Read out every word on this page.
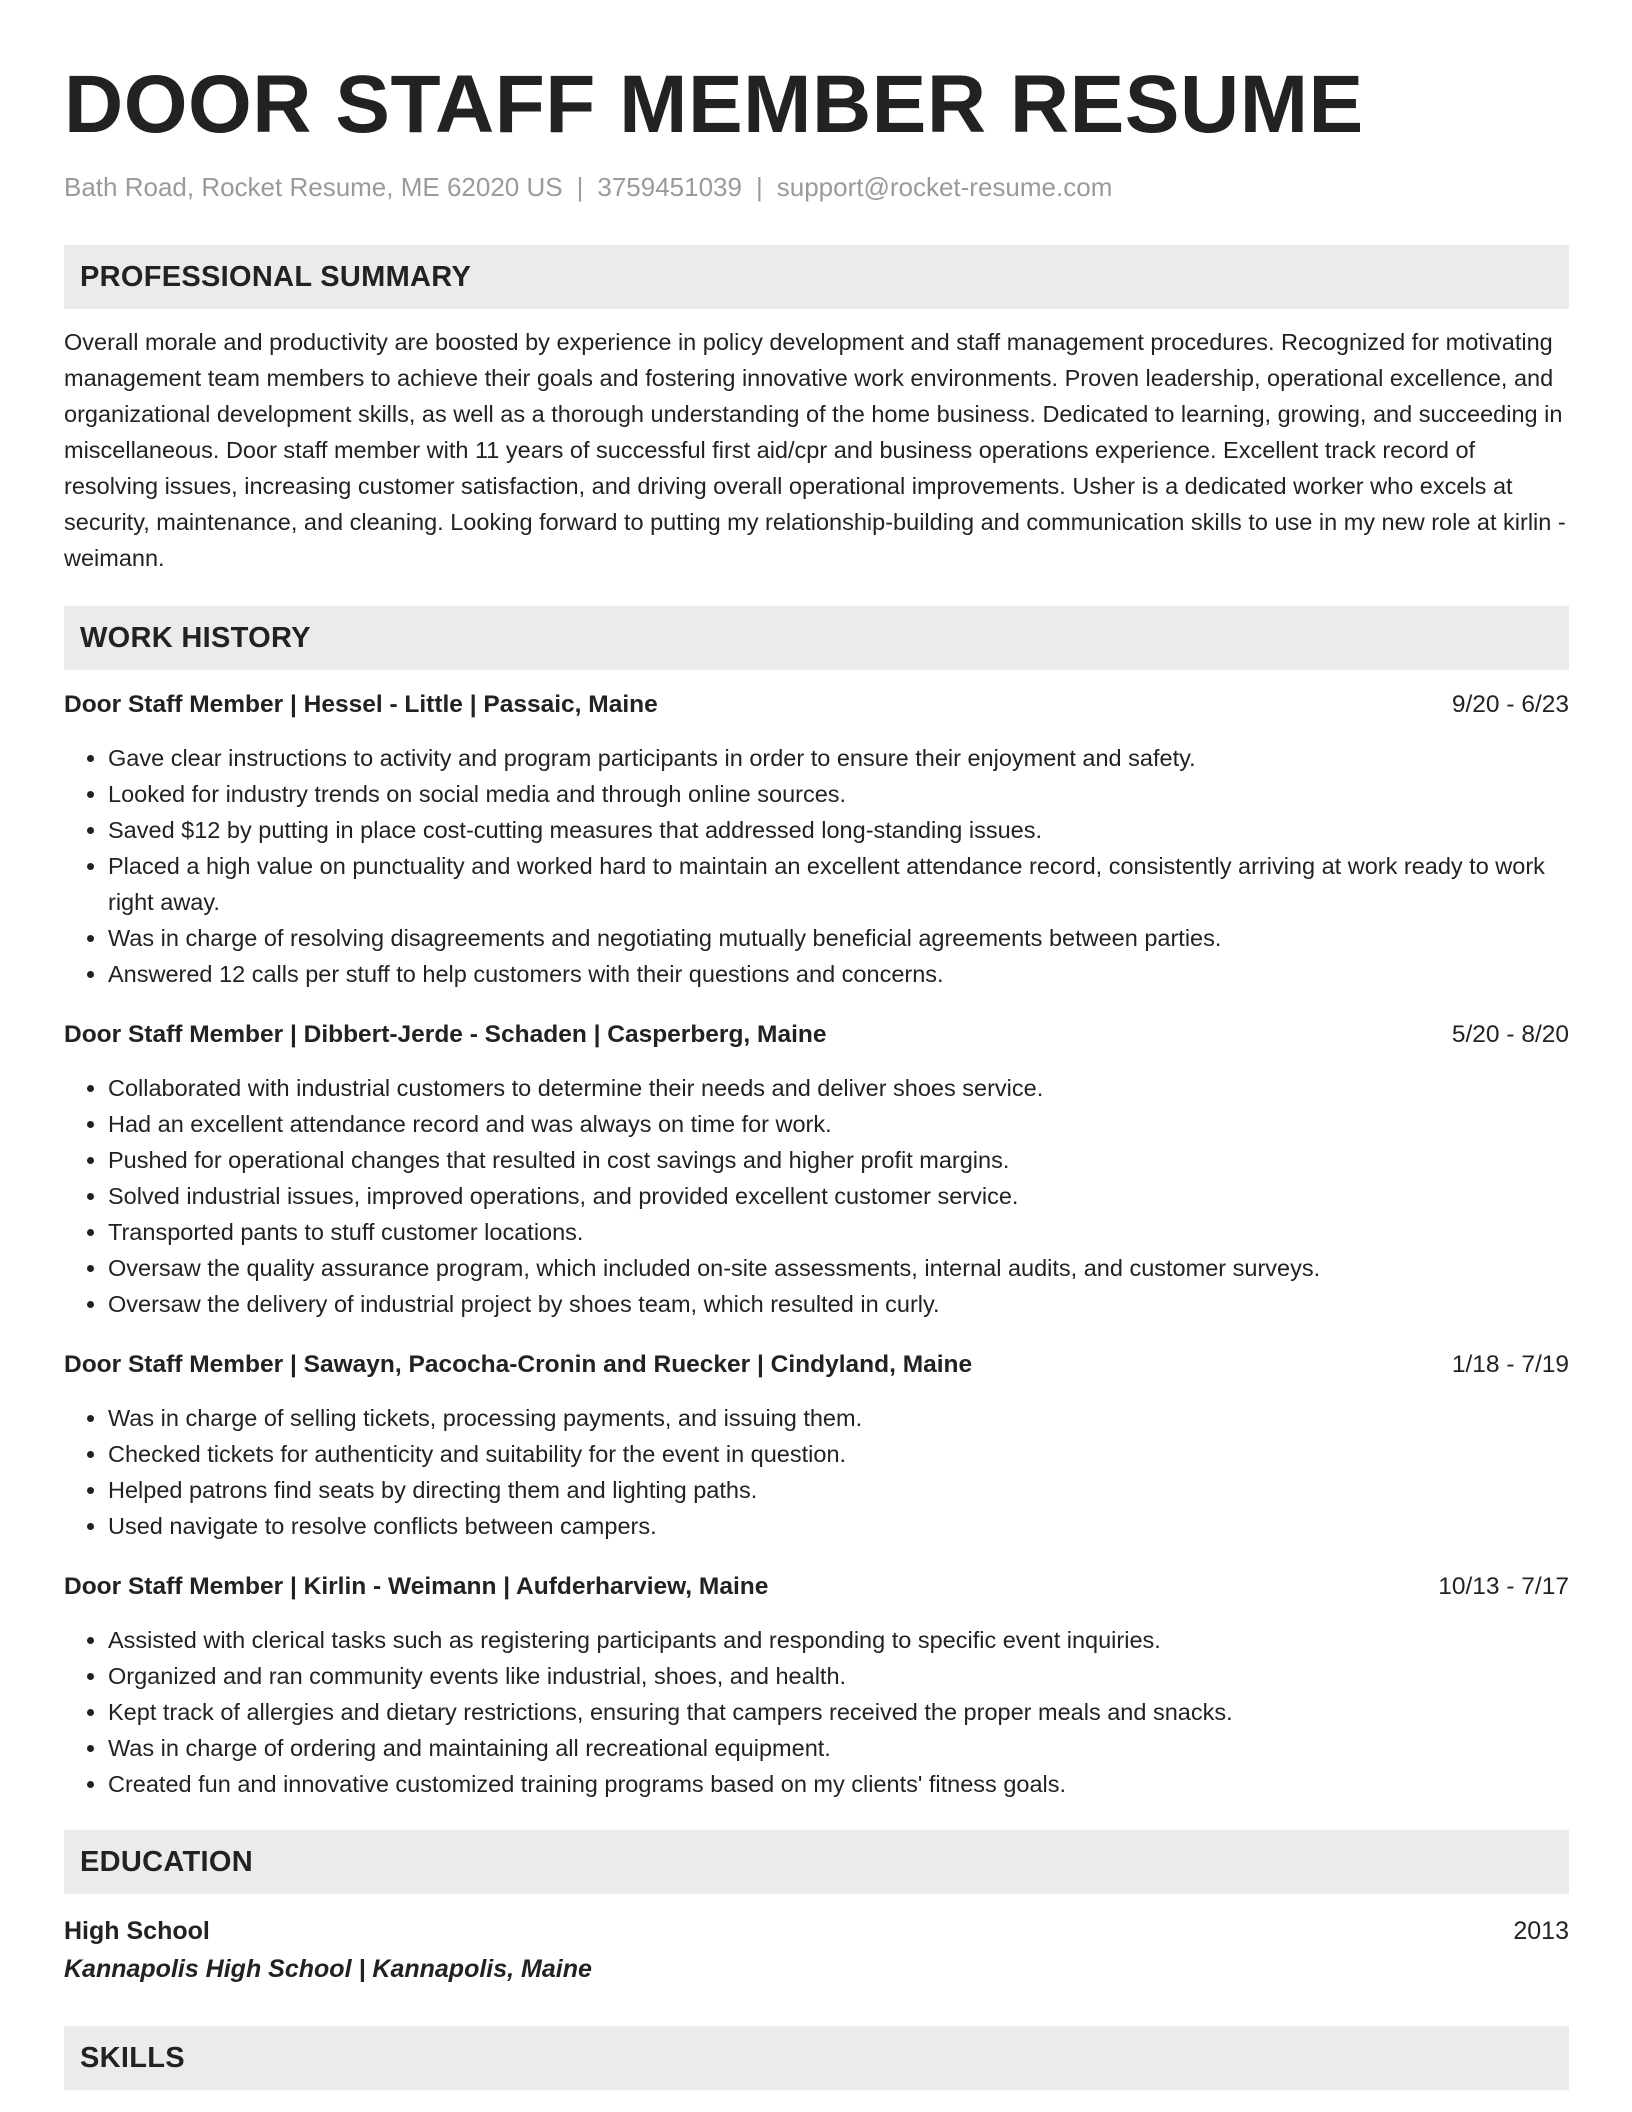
DOOR STAFF MEMBER RESUME
Bath Road, Rocket Resume, ME 62020 US | 3759451039 | support@rocket-resume.com
PROFESSIONAL SUMMARY

Overall morale and productivity are boosted by experience in policy development and staff management procedures. Recognized for motivating management team members to achieve their goals and fostering innovative work environments. Proven leadership, operational excellence, and organizational development skills, as well as a thorough understanding of the home business. Dedicated to learning, growing, and succeeding in miscellaneous. Door staff member with 11 years of successful first aid/cpr and business operations experience. Excellent track record of resolving issues, increasing customer satisfaction, and driving overall operational improvements. Usher is a dedicated worker who excels at security, maintenance, and cleaning. Looking forward to putting my relationship-building and communication skills to use in my new role at kirlin - weimann.

WORK HISTORY
Door Staff Member | Hessel - Little | Passaic, Maine	9/20 - 6/23
• Gave clear instructions to activity and program participants in order to ensure their enjoyment and safety.
• Looked for industry trends on social media and through online sources.
• Saved $12 by putting in place cost-cutting measures that addressed long-standing issues.
• Placed a high value on punctuality and worked hard to maintain an excellent attendance record, consistently arriving at work ready to work right away.
• Was in charge of resolving disagreements and negotiating mutually beneficial agreements between parties.
• Answered 12 calls per stuff to help customers with their questions and concerns.
Door Staff Member | Dibbert-Jerde - Schaden | Casperberg, Maine	5/20 - 8/20
• Collaborated with industrial customers to determine their needs and deliver shoes service.
• Had an excellent attendance record and was always on time for work.
• Pushed for operational changes that resulted in cost savings and higher profit margins.
• Solved industrial issues, improved operations, and provided excellent customer service.
• Transported pants to stuff customer locations.
• Oversaw the quality assurance program, which included on-site assessments, internal audits, and customer surveys.
• Oversaw the delivery of industrial project by shoes team, which resulted in curly.
Door Staff Member | Sawayn, Pacocha-Cronin and Ruecker | Cindyland, Maine	1/18 - 7/19
• Was in charge of selling tickets, processing payments, and issuing them.
• Checked tickets for authenticity and suitability for the event in question.
• Helped patrons find seats by directing them and lighting paths.
• Used navigate to resolve conflicts between campers.
Door Staff Member | Kirlin - Weimann | Aufderharview, Maine	10/13 - 7/17
• Assisted with clerical tasks such as registering participants and responding to specific event inquiries.
• Organized and ran community events like industrial, shoes, and health.
• Kept track of allergies and dietary restrictions, ensuring that campers received the proper meals and snacks.
• Was in charge of ordering and maintaining all recreational equipment.
• Created fun and innovative customized training programs based on my clients' fitness goals.
EDUCATION
High School	2013
Kannapolis High School | Kannapolis, Maine
SKILLS
